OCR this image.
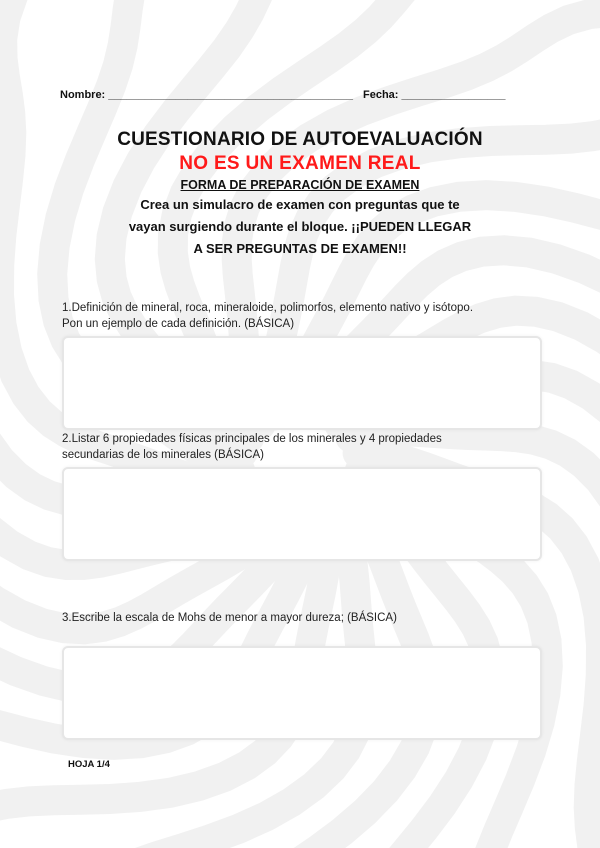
Nombre: ________________________________________ Fecha: _________________
CUESTIONARIO DE AUTOEVALUACIÓN
NO ES UN EXAMEN REAL
FORMA DE PREPARACIÓN DE EXAMEN
Crea un simulacro de examen con preguntas que te
vayan surgiendo durante el bloque. ¡¡PUEDEN LLEGAR
A SER PREGUNTAS DE EXAMEN!!
1.Definición de mineral, roca, mineraloide, polimorfos, elemento nativo y isótopo.
Pon un ejemplo de cada definición. (BÁSICA)
2.Listar 6 propiedades físicas principales de los minerales y 4 propiedades
secundarias de los minerales (BÁSICA)
3.Escribe la escala de Mohs de menor a mayor dureza; (BÁSICA)
HOJA 1/4
